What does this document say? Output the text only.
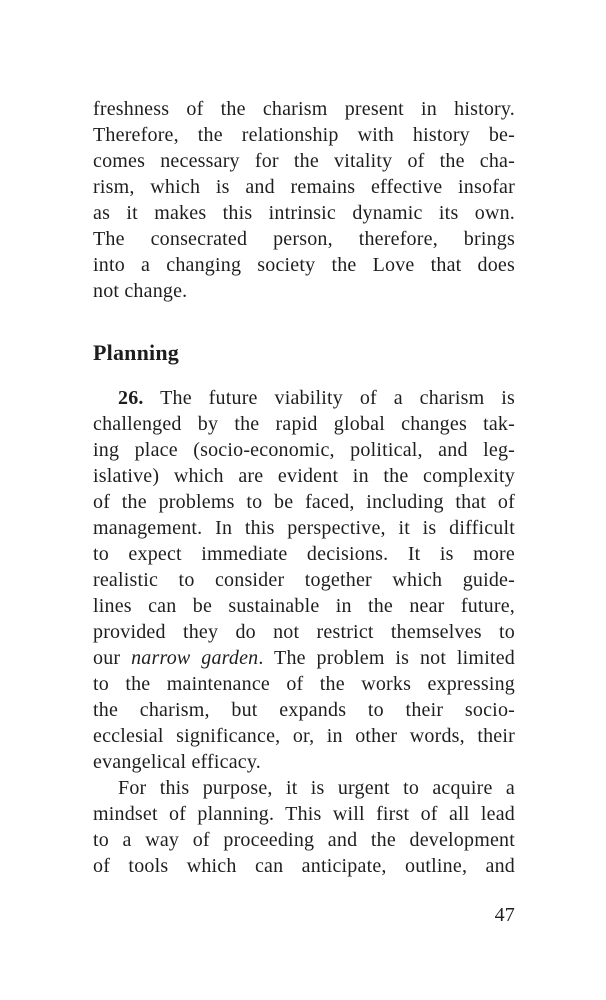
freshness of the charism present in history.
Therefore, the relationship with history be-
comes necessary for the vitality of the cha-
rism, which is and remains effective insofar
as it makes this intrinsic dynamic its own.
The consecrated person, therefore, brings
into a changing society the Love that does
not change.
Planning
26. The future viability of a charism is
challenged by the rapid global changes tak-
ing place (socio-economic, political, and leg-
islative) which are evident in the complexity
of the problems to be faced, including that of
management. In this perspective, it is difficult
to expect immediate decisions. It is more
realistic to consider together which guide-
lines can be sustainable in the near future,
provided they do not restrict themselves to
our narrow garden. The problem is not limited
to the maintenance of the works expressing
the charism, but expands to their socio-
ecclesial significance, or, in other words, their
evangelical efficacy.
For this purpose, it is urgent to acquire a
mindset of planning. This will first of all lead
to a way of proceeding and the development
of tools which can anticipate, outline, and
47
